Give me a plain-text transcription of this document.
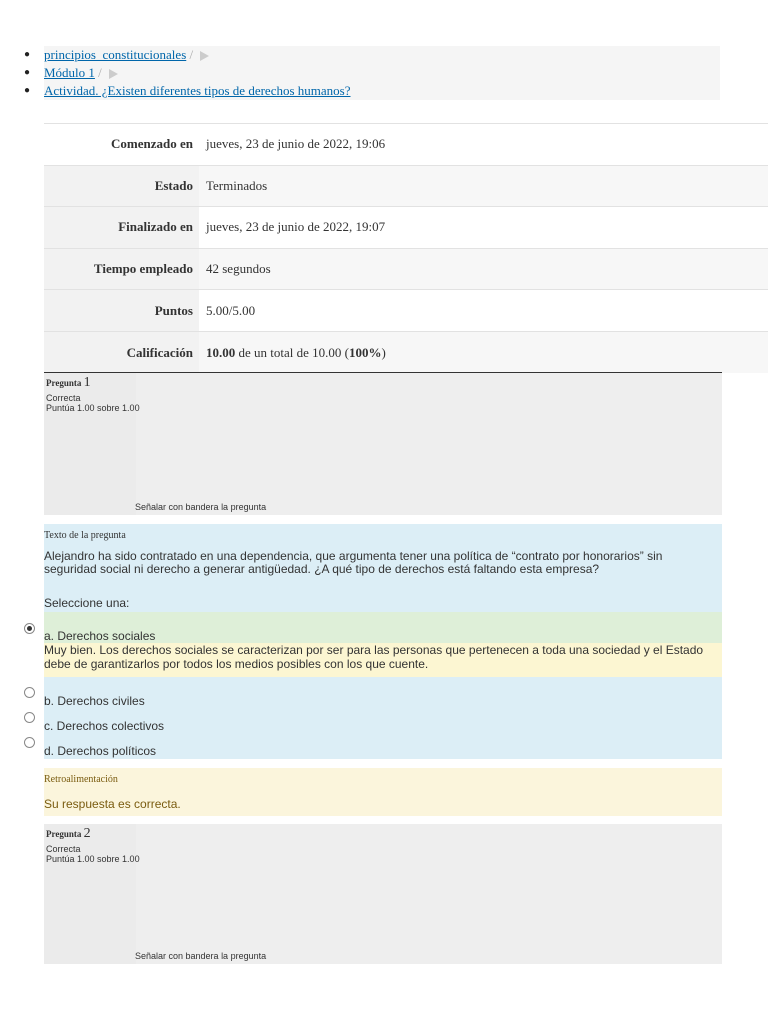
● principios_constitucionales /
● Módulo 1 /
● Actividad. ¿Existen diferentes tipos de derechos humanos?
Comenzado en	jueves, 23 de junio de 2022, 19:06
Estado	Terminados
Finalizado en	jueves, 23 de junio de 2022, 19:07
Tiempo empleado	42 segundos
Puntos	5.00/5.00
Calificación	10.00 de un total de 10.00 (100%)
Pregunta 1
Correcta
Puntúa 1.00 sobre 1.00
Señalar con bandera la pregunta
Texto de la pregunta
Alejandro ha sido contratado en una dependencia, que argumenta tener una política de “contrato por honorarios” sin seguridad social ni derecho a generar antigüedad. ¿A qué tipo de derechos está faltando esta empresa?
Seleccione una:
a. Derechos sociales
Muy bien. Los derechos sociales se caracterizan por ser para las personas que pertenecen a toda una sociedad y el Estado debe de garantizarlos por todos los medios posibles con los que cuente.
b. Derechos civiles
c. Derechos colectivos
d. Derechos políticos
Retroalimentación
Su respuesta es correcta.
Pregunta 2
Correcta
Puntúa 1.00 sobre 1.00
Señalar con bandera la pregunta
